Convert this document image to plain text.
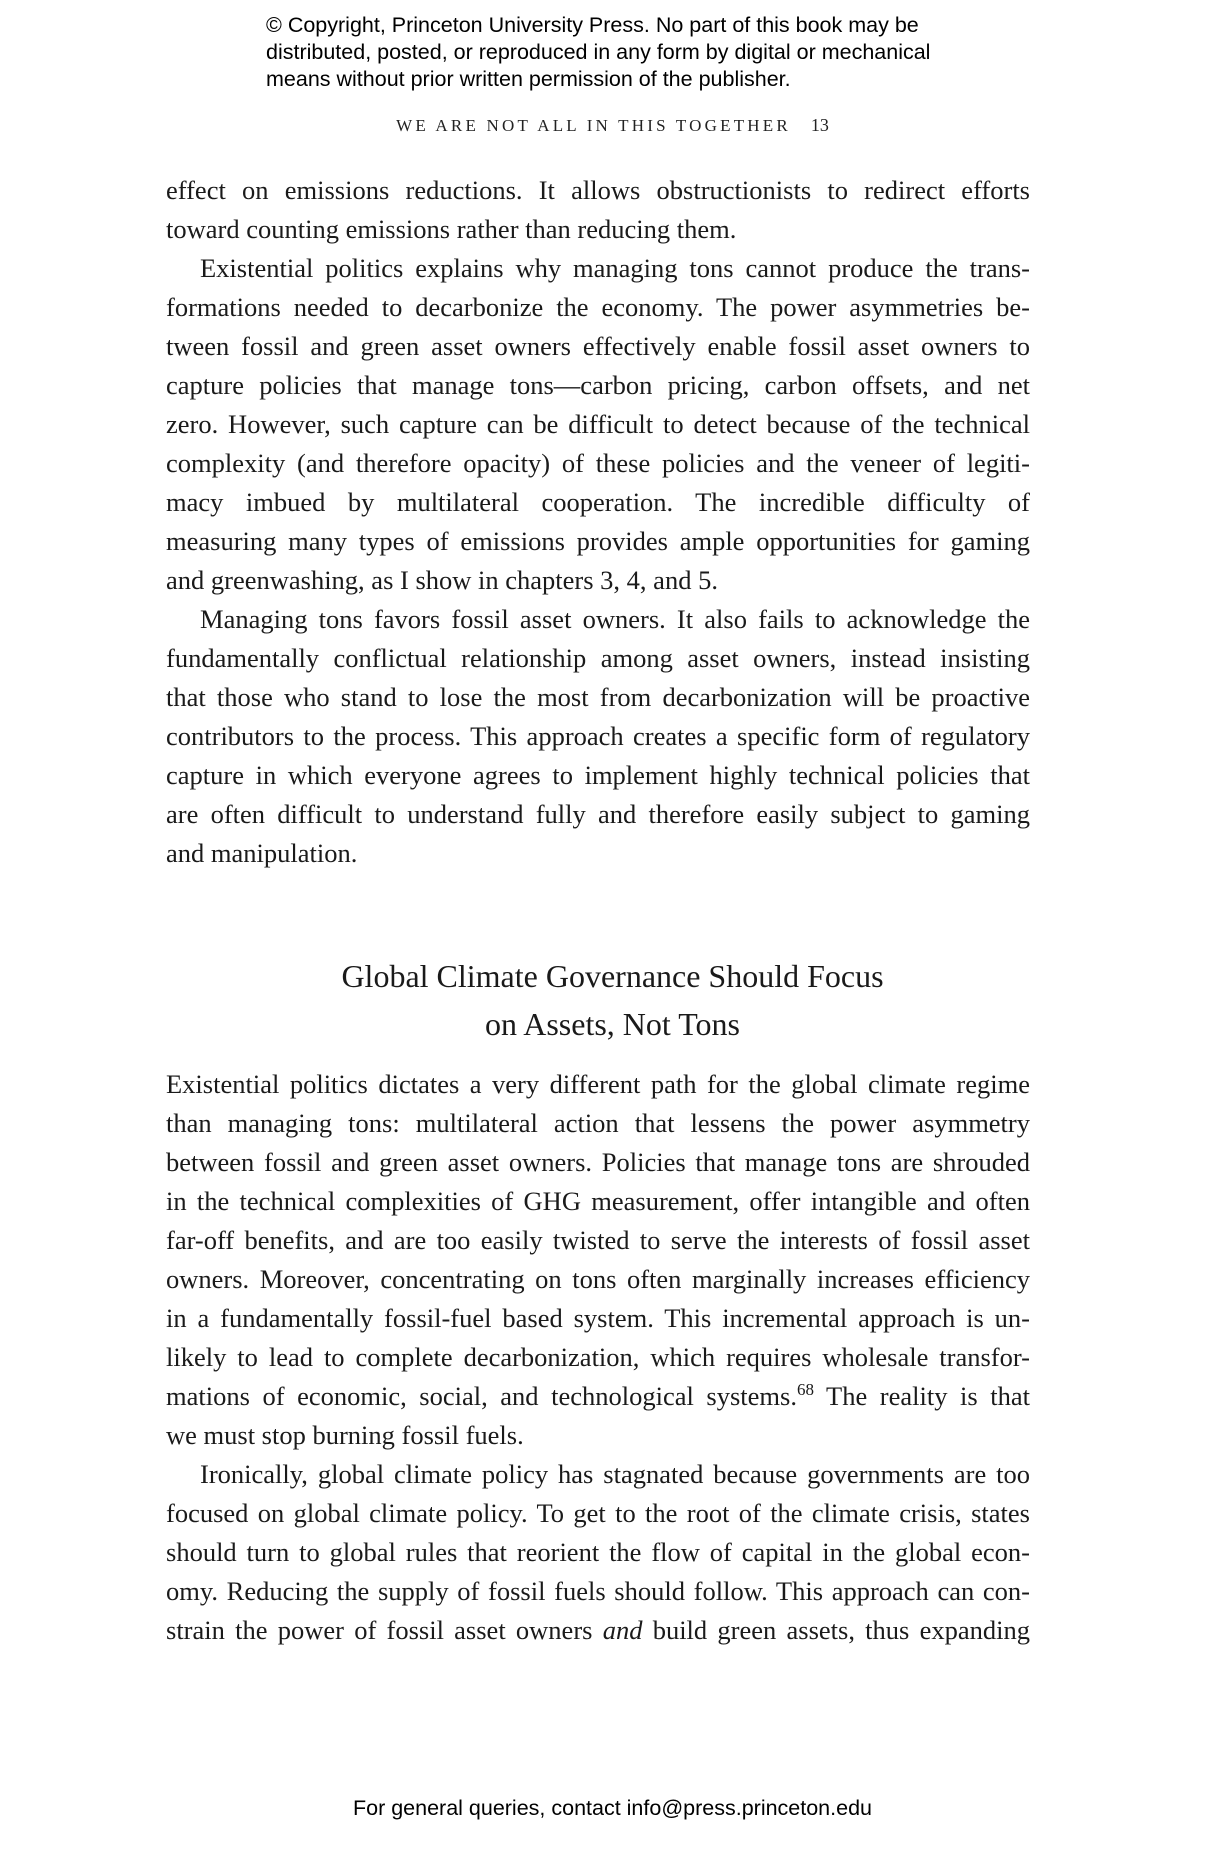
© Copyright, Princeton University Press. No part of this book may be
distributed, posted, or reproduced in any form by digital or mechanical
means without prior written permission of the publisher.
WE ARE NOT ALL IN THIS TOGETHER 13
effect on emissions reductions. It allows obstructionists to redirect efforts
toward counting emissions rather than reducing them.
Existential politics explains why managing tons cannot produce the trans-
formations needed to decarbonize the economy. The power asymmetries be-
tween fossil and green asset owners effectively enable fossil asset owners to
capture policies that manage tons—carbon pricing, carbon offsets, and net
zero. However, such capture can be difficult to detect because of the technical
complexity (and therefore opacity) of these policies and the veneer of legiti-
macy imbued by multilateral cooperation. The incredible difficulty of
measuring many types of emissions provides ample opportunities for gaming
and greenwashing, as I show in chapters 3, 4, and 5.
Managing tons favors fossil asset owners. It also fails to acknowledge the
fundamentally conflictual relationship among asset owners, instead insisting
that those who stand to lose the most from decarbonization will be proactive
contributors to the process. This approach creates a specific form of regulatory
capture in which everyone agrees to implement highly technical policies that
are often difficult to understand fully and therefore easily subject to gaming
and manipulation.
Global Climate Governance Should Focus
on Assets, Not Tons
Existential politics dictates a very different path for the global climate regime
than managing tons: multilateral action that lessens the power asymmetry
between fossil and green asset owners. Policies that manage tons are shrouded
in the technical complexities of GHG measurement, offer intangible and often
far-off benefits, and are too easily twisted to serve the interests of fossil asset
owners. Moreover, concentrating on tons often marginally increases efficiency
in a fundamentally fossil-fuel based system. This incremental approach is un-
likely to lead to complete decarbonization, which requires wholesale transfor-
mations of economic, social, and technological systems.$^{68}$ The reality is that
we must stop burning fossil fuels.
Ironically, global climate policy has stagnated because governments are too
focused on global climate policy. To get to the root of the climate crisis, states
should turn to global rules that reorient the flow of capital in the global econ-
omy. Reducing the supply of fossil fuels should follow. This approach can con-
strain the power of fossil asset owners and build green assets, thus expanding
For general queries, contact info@press.princeton.edu
